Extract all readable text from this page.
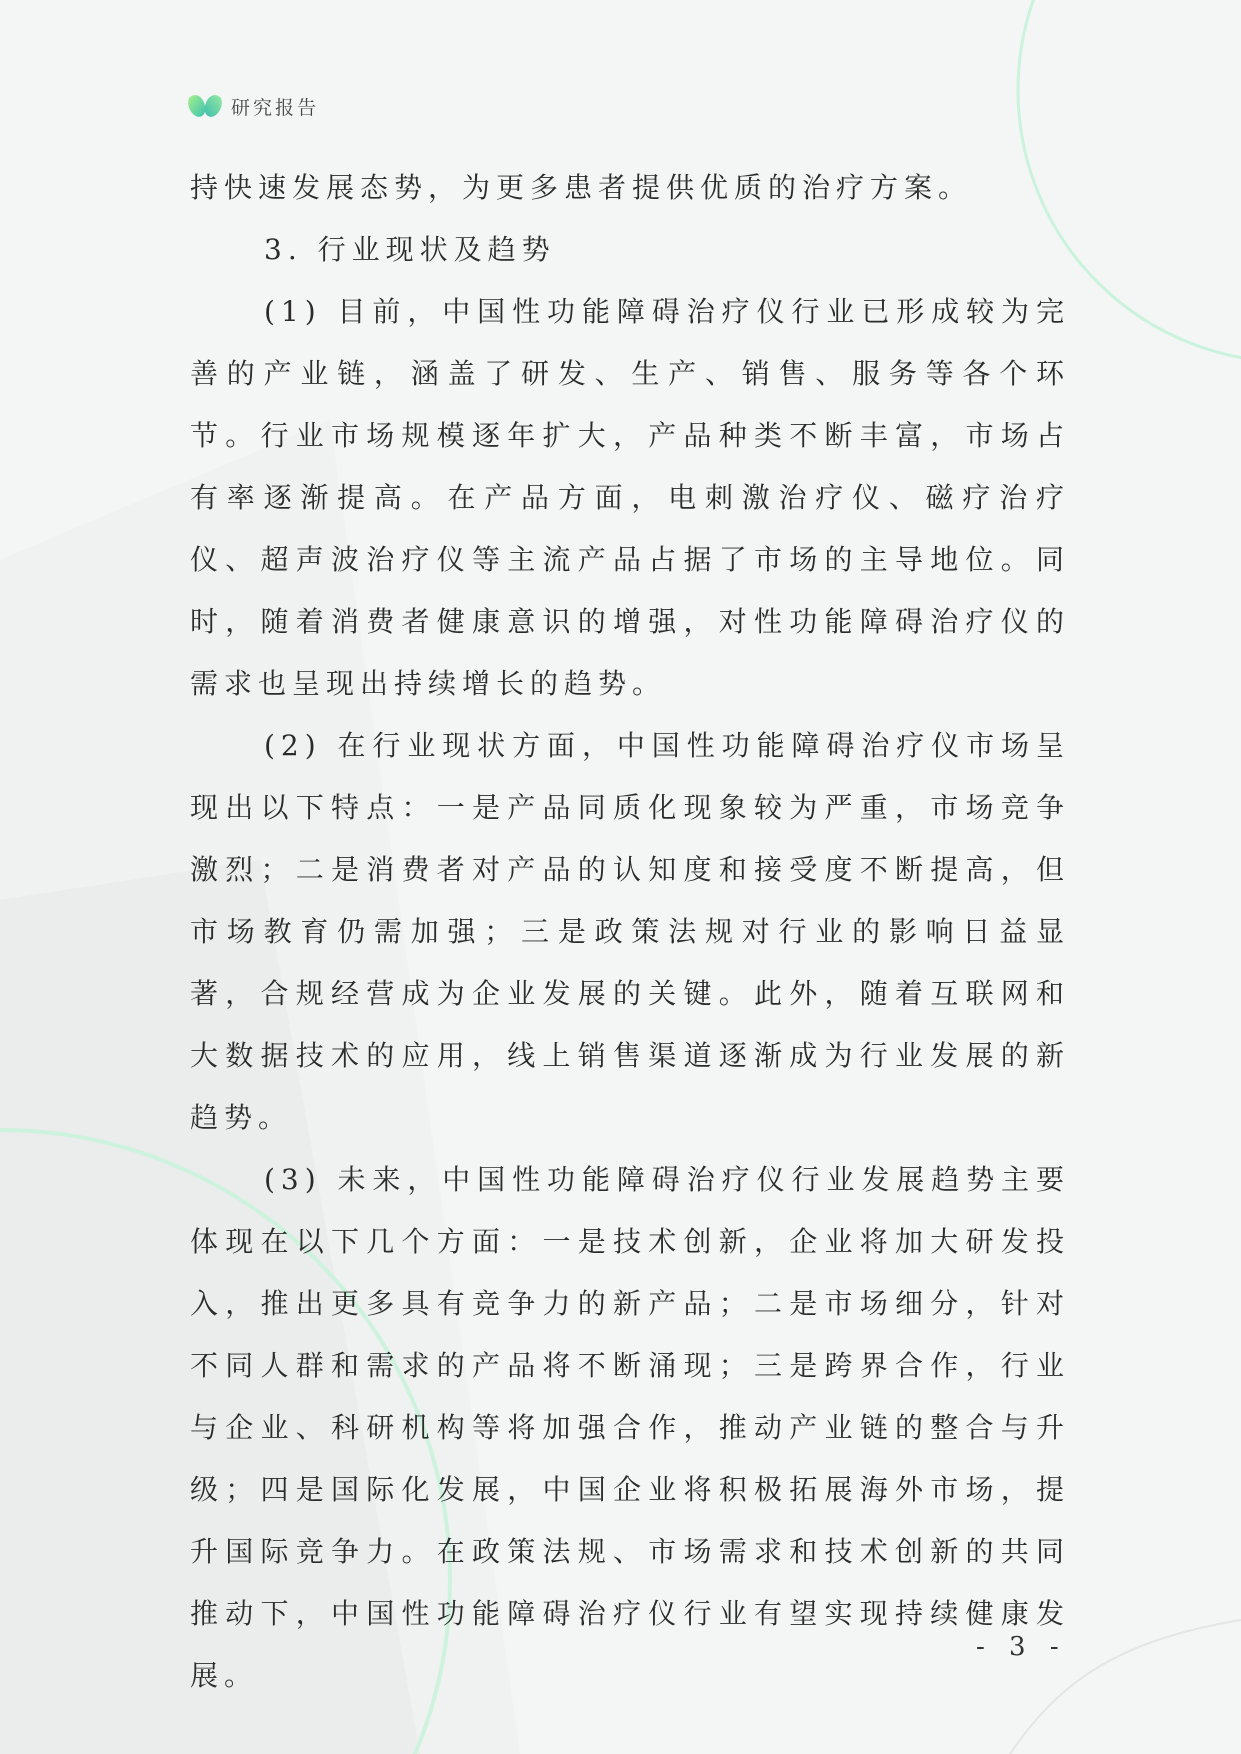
研究报告

持快速发展态势，为更多患者提供优质的治疗方案。

3. 行业现状及趋势

(1) 目前，中国性功能障碍治疗仪行业已形成较为完善的产业链，涵盖了研发、生产、销售、服务等各个环节。行业市场规模逐年扩大，产品种类不断丰富，市场占有率逐渐提高。在产品方面，电刺激治疗仪、磁疗治疗仪、超声波治疗仪等主流产品占据了市场的主导地位。同时，随着消费者健康意识的增强，对性功能障碍治疗仪的需求也呈现出持续增长的趋势。

(2) 在行业现状方面，中国性功能障碍治疗仪市场呈现出以下特点：一是产品同质化现象较为严重，市场竞争激烈；二是消费者对产品的认知度和接受度不断提高，但市场教育仍需加强；三是政策法规对行业的影响日益显著，合规经营成为企业发展的关键。此外，随着互联网和大数据技术的应用，线上销售渠道逐渐成为行业发展的新趋势。

(3) 未来，中国性功能障碍治疗仪行业发展趋势主要体现在以下几个方面：一是技术创新，企业将加大研发投入，推出更多具有竞争力的新产品；二是市场细分，针对不同人群和需求的产品将不断涌现；三是跨界合作，行业与企业、科研机构等将加强合作，推动产业链的整合与升级；四是国际化发展，中国企业将积极拓展海外市场，提升国际竞争力。在政策法规、市场需求和技术创新的共同推动下，中国性功能障碍治疗仪行业有望实现持续健康发展。

- 3 -
